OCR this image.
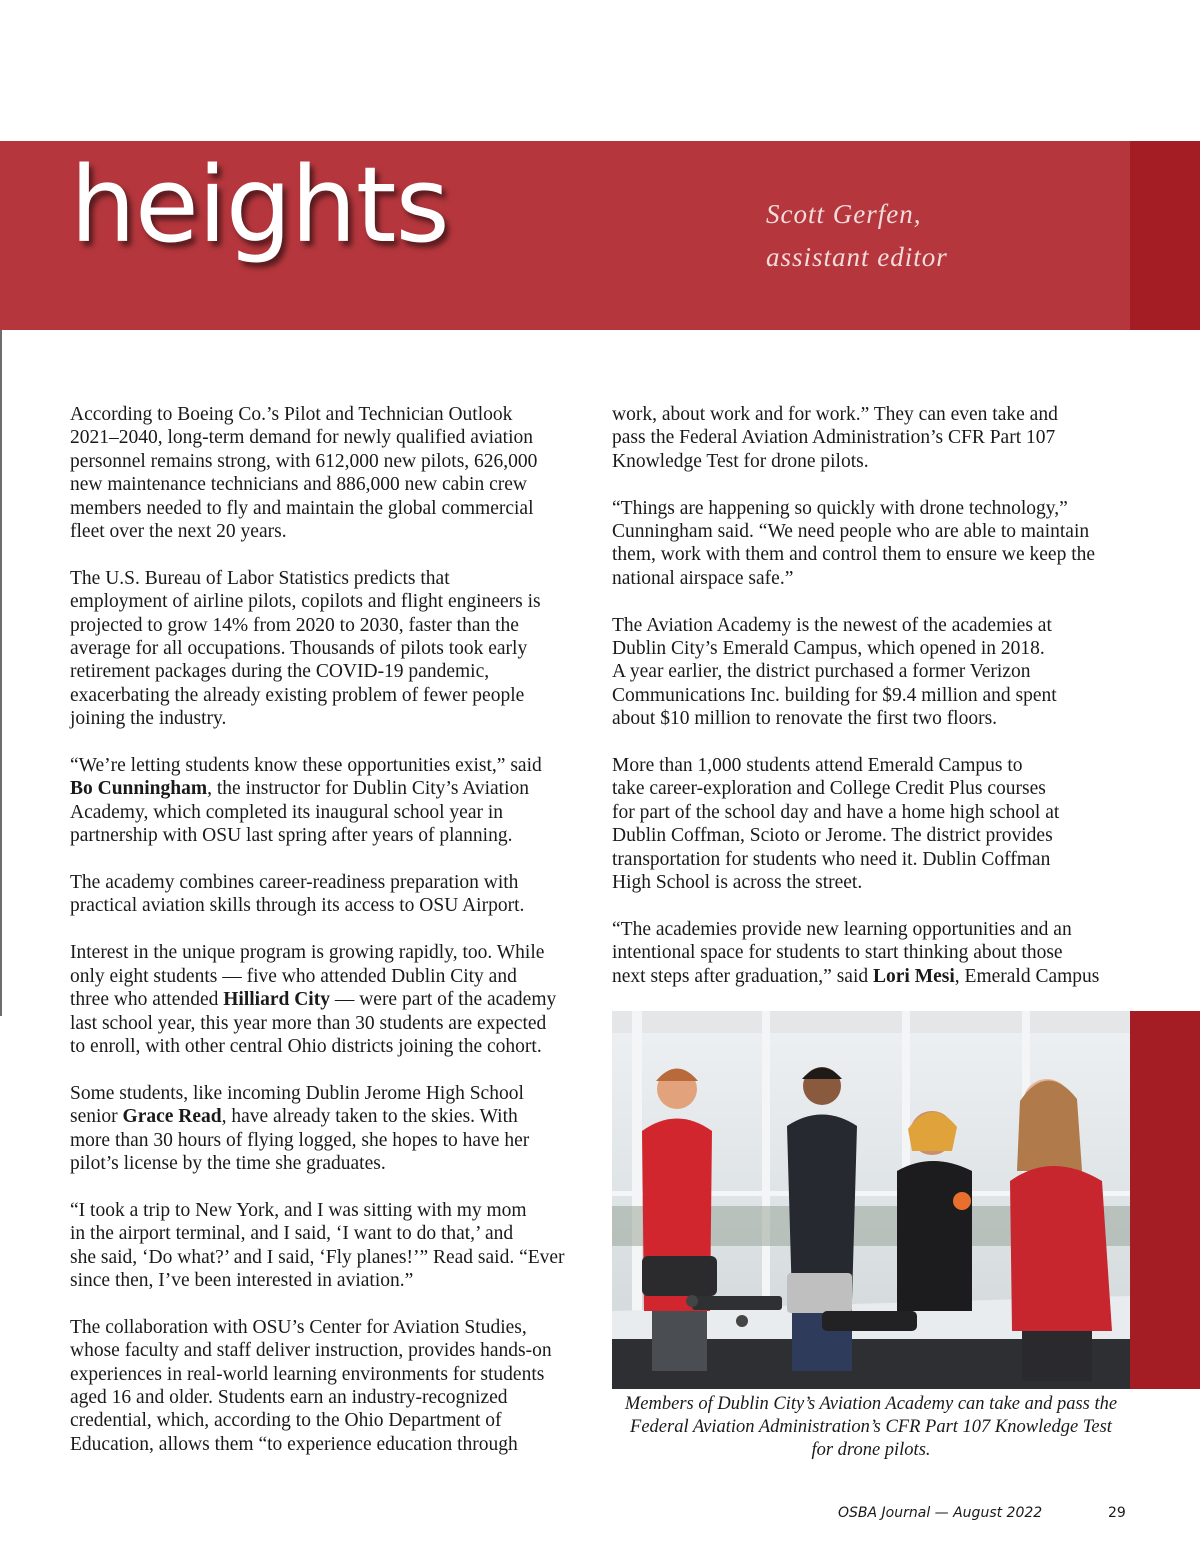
heights	Scott Gerfen,
assistant editor

According to Boeing Co.’s Pilot and Technician Outlook
2021–2040, long-term demand for newly qualified aviation
personnel remains strong, with 612,000 new pilots, 626,000
new maintenance technicians and 886,000 new cabin crew
members needed to fly and maintain the global commercial
fleet over the next 20 years.

The U.S. Bureau of Labor Statistics predicts that
employment of airline pilots, copilots and flight engineers is
projected to grow 14% from 2020 to 2030, faster than the
average for all occupations. Thousands of pilots took early
retirement packages during the COVID-19 pandemic,
exacerbating the already existing problem of fewer people
joining the industry.

“We’re letting students know these opportunities exist,” said
Bo Cunningham, the instructor for Dublin City’s Aviation
Academy, which completed its inaugural school year in
partnership with OSU last spring after years of planning.

The academy combines career-readiness preparation with
practical aviation skills through its access to OSU Airport.

Interest in the unique program is growing rapidly, too. While
only eight students — five who attended Dublin City and
three who attended Hilliard City — were part of the academy
last school year, this year more than 30 students are expected
to enroll, with other central Ohio districts joining the cohort.

Some students, like incoming Dublin Jerome High School
senior Grace Read, have already taken to the skies. With
more than 30 hours of flying logged, she hopes to have her
pilot’s license by the time she graduates.

“I took a trip to New York, and I was sitting with my mom
in the airport terminal, and I said, ‘I want to do that,’ and
she said, ‘Do what?’ and I said, ‘Fly planes!’” Read said. “Ever
since then, I’ve been interested in aviation.”

The collaboration with OSU’s Center for Aviation Studies,
whose faculty and staff deliver instruction, provides hands-on
experiences in real-world learning environments for students
aged 16 and older. Students earn an industry-recognized
credential, which, according to the Ohio Department of
Education, allows them “to experience education through

work, about work and for work.” They can even take and
pass the Federal Aviation Administration’s CFR Part 107
Knowledge Test for drone pilots.

“Things are happening so quickly with drone technology,”
Cunningham said. “We need people who are able to maintain
them, work with them and control them to ensure we keep the
national airspace safe.”

The Aviation Academy is the newest of the academies at
Dublin City’s Emerald Campus, which opened in 2018.
A year earlier, the district purchased a former Verizon
Communications Inc. building for $9.4 million and spent
about $10 million to renovate the first two floors.

More than 1,000 students attend Emerald Campus to
take career-exploration and College Credit Plus courses
for part of the school day and have a home high school at
Dublin Coffman, Scioto or Jerome. The district provides
transportation for students who need it. Dublin Coffman
High School is across the street.

“The academies provide new learning opportunities and an
intentional space for students to start thinking about those
next steps after graduation,” said Lori Mesi, Emerald Campus

Members of Dublin City’s Aviation Academy can take and pass the
Federal Aviation Administration’s CFR Part 107 Knowledge Test
for drone pilots.
OSBA Journal — August 2022	29
